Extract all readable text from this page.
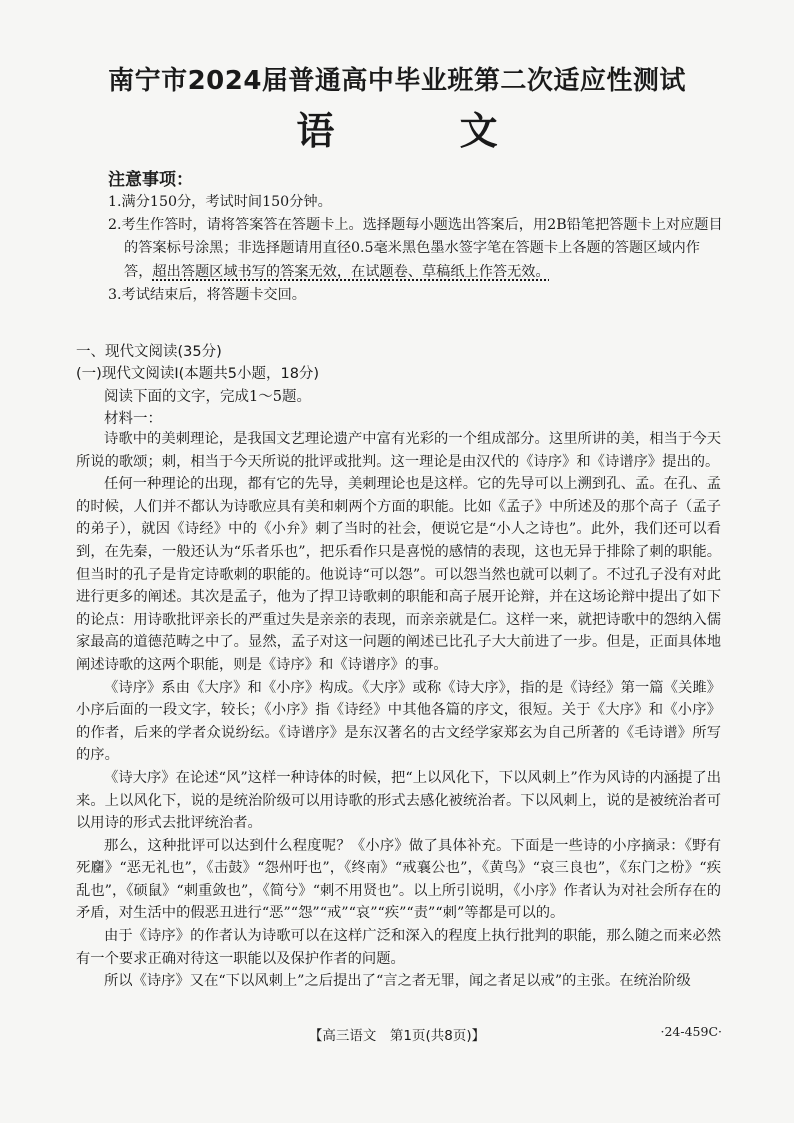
南宁市2024届普通高中毕业班第二次适应性测试
语 文
注意事项：
1.满分150分，考试时间150分钟。
2.考生作答时，请将答案答在答题卡上。选择题每小题选出答案后，用2B铅笔把答题卡上对应题目的答案标号涂黑；非选择题请用直径0.5毫米黑色墨水签字笔在答题卡上各题的答题区域内作答，超出答题区域书写的答案无效，在试题卷、草稿纸上作答无效。
3.考试结束后，将答题卡交回。
一、现代文阅读(35分)
(一)现代文阅读Ⅰ(本题共5小题，18分)
阅读下面的文字，完成1～5题。
材料一：

诗歌中的美刺理论，是我国文艺理论遗产中富有光彩的一个组成部分。这里所讲的美，相当于今天所说的歌颂；刺，相当于今天所说的批评或批判。这一理论是由汉代的《诗序》和《诗谱序》提出的。

任何一种理论的出现，都有它的先导，美刺理论也是这样。它的先导可以上溯到孔、孟。在孔、孟的时候，人们并不都认为诗歌应具有美和刺两个方面的职能。比如《孟子》中所述及的那个高子（孟子的弟子），就因《诗经》中的《小弁》刺了当时的社会，便说它是“小人之诗也”。此外，我们还可以看到，在先秦，一般还认为“乐者乐也”，把乐看作只是喜悦的感情的表现，这也无异于排除了刺的职能。但当时的孔子是肯定诗歌刺的职能的。他说诗“可以怨”。可以怨当然也就可以刺了。不过孔子没有对此进行更多的阐述。其次是孟子，他为了捍卫诗歌刺的职能和高子展开论辩，并在这场论辩中提出了如下的论点：用诗歌批评亲长的严重过失是亲亲的表现，而亲亲就是仁。这样一来，就把诗歌中的怨纳入儒家最高的道德范畴之中了。显然，孟子对这一问题的阐述已比孔子大大前进了一步。但是，正面具体地阐述诗歌的这两个职能，则是《诗序》和《诗谱序》的事。

《诗序》系由《大序》和《小序》构成。《大序》或称《诗大序》，指的是《诗经》第一篇《关雎》小序后面的一段文字，较长；《小序》指《诗经》中其他各篇的序文，很短。关于《大序》和《小序》的作者，后来的学者众说纷纭。《诗谱序》是东汉著名的古文经学家郑玄为自己所著的《毛诗谱》所写的序。

《诗大序》在论述“风”这样一种诗体的时候，把“上以风化下，下以风刺上”作为风诗的内涵提了出来。上以风化下，说的是统治阶级可以用诗歌的形式去感化被统治者。下以风刺上，说的是被统治者可以用诗的形式去批评统治者。

那么，这种批评可以达到什么程度呢？《小序》做了具体补充。下面是一些诗的小序摘录：《野有死麕》“恶无礼也”，《击鼓》“怨州吁也”，《终南》“戒襄公也”，《黄鸟》“哀三良也”，《东门之枌》“疾乱也”，《硕鼠》“刺重敛也”，《简兮》“刺不用贤也”。以上所引说明，《小序》作者认为对社会所存在的矛盾，对生活中的假恶丑进行“恶”“怨”“戒”“哀”“疾”“责”“刺”等都是可以的。

由于《诗序》的作者认为诗歌可以在这样广泛和深入的程度上执行批判的职能，那么随之而来必然有一个要求正确对待这一职能以及保护作者的问题。

所以《诗序》又在“下以风刺上”之后提出了“言之者无罪，闻之者足以戒”的主张。在统治阶级

【高三语文　第1页(共8页)】	·24-459C·
